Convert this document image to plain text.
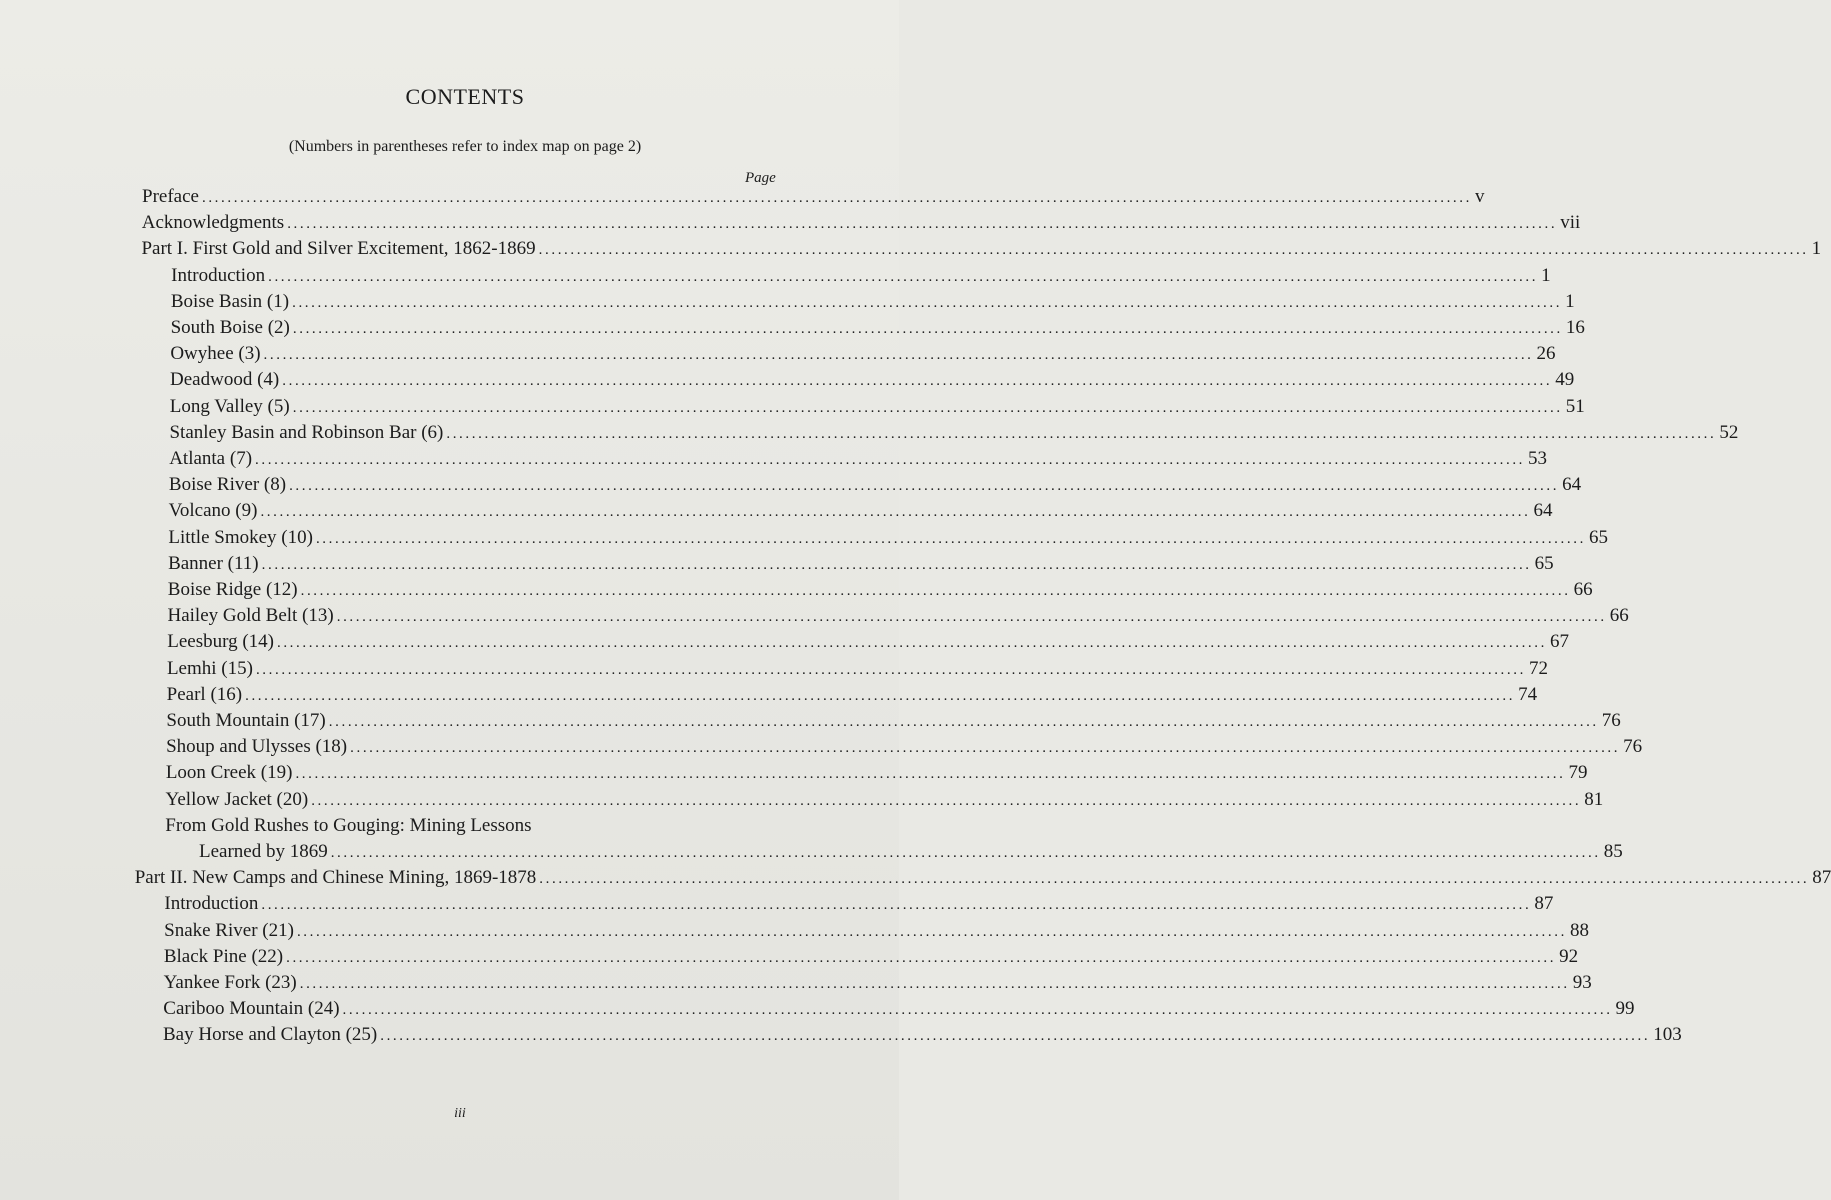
CONTENTS
(Numbers in parentheses refer to index map on page 2)
Page
Preface ........................................................................................................................................................................................................ v
Acknowledgments ........................................................................................................................................................................................................ vii
Part I. First Gold and Silver Excitement, 1862-1869 ........................................................................................................................................................................................................ 1
Introduction ........................................................................................................................................................................................................ 1
Boise Basin (1) ........................................................................................................................................................................................................ 1
South Boise (2) ........................................................................................................................................................................................................ 16
Owyhee (3) ........................................................................................................................................................................................................ 26
Deadwood (4) ........................................................................................................................................................................................................ 49
Long Valley (5) ........................................................................................................................................................................................................ 51
Stanley Basin and Robinson Bar (6) ........................................................................................................................................................................................................ 52
Atlanta (7) ........................................................................................................................................................................................................ 53
Boise River (8) ........................................................................................................................................................................................................ 64
Volcano (9) ........................................................................................................................................................................................................ 64
Little Smokey (10) ........................................................................................................................................................................................................ 65
Banner (11) ........................................................................................................................................................................................................ 65
Boise Ridge (12) ........................................................................................................................................................................................................ 66
Hailey Gold Belt (13) ........................................................................................................................................................................................................ 66
Leesburg (14) ........................................................................................................................................................................................................ 67
Lemhi (15) ........................................................................................................................................................................................................ 72
Pearl (16) ........................................................................................................................................................................................................ 74
South Mountain (17) ........................................................................................................................................................................................................ 76
Shoup and Ulysses (18) ........................................................................................................................................................................................................ 76
Loon Creek (19) ........................................................................................................................................................................................................ 79
Yellow Jacket (20) ........................................................................................................................................................................................................ 81
From Gold Rushes to Gouging: Mining Lessons
Learned by 1869 ........................................................................................................................................................................................................ 85
Part II. New Camps and Chinese Mining, 1869-1878 ........................................................................................................................................................................................................ 87
Introduction ........................................................................................................................................................................................................ 87
Snake River (21) ........................................................................................................................................................................................................ 88
Black Pine (22) ........................................................................................................................................................................................................ 92
Yankee Fork (23) ........................................................................................................................................................................................................ 93
Cariboo Mountain (24) ........................................................................................................................................................................................................ 99
Bay Horse and Clayton (25) ........................................................................................................................................................................................................ 103
iii
